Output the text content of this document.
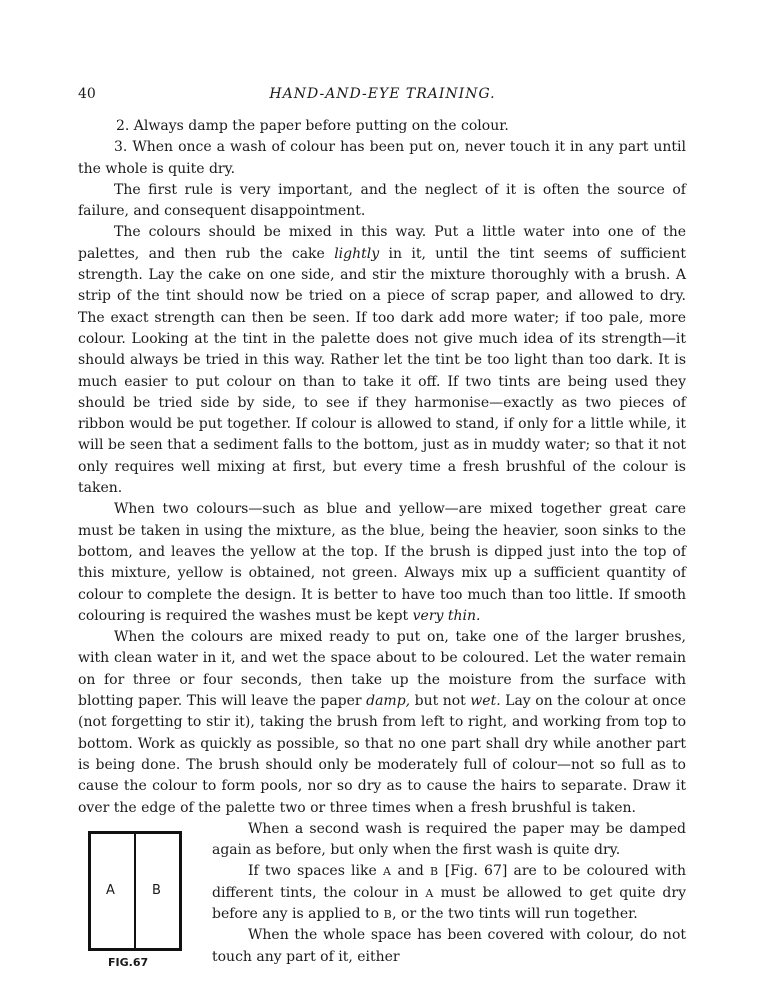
40	HAND-AND-EYE TRAINING.

2. Always damp the paper before putting on the colour.

3. When once a wash of colour has been put on, never touch it in any part until the whole is quite dry.

The first rule is very important, and the neglect of it is often the source of failure, and consequent disappointment.

The colours should be mixed in this way. Put a little water into one of the palettes, and then rub the cake lightly in it, until the tint seems of sufficient strength. Lay the cake on one side, and stir the mixture thoroughly with a brush. A strip of the tint should now be tried on a piece of scrap paper, and allowed to dry. The exact strength can then be seen. If too dark add more water; if too pale, more colour. Looking at the tint in the palette does not give much idea of its strength—it should always be tried in this way. Rather let the tint be too light than too dark. It is much easier to put colour on than to take it off. If two tints are being used they should be tried side by side, to see if they harmonise—exactly as two pieces of ribbon would be put together. If colour is allowed to stand, if only for a little while, it will be seen that a sediment falls to the bottom, just as in muddy water; so that it not only requires well mixing at first, but every time a fresh brushful of the colour is taken.

When two colours—such as blue and yellow—are mixed together great care must be taken in using the mixture, as the blue, being the heavier, soon sinks to the bottom, and leaves the yellow at the top. If the brush is dipped just into the top of this mixture, yellow is obtained, not green. Always mix up a sufficient quantity of colour to complete the design. It is better to have too much than too little. If smooth colouring is required the washes must be kept very thin.

When the colours are mixed ready to put on, take one of the larger brushes, with clean water in it, and wet the space about to be coloured. Let the water remain on for three or four seconds, then take up the moisture from the surface with blotting paper. This will leave the paper damp, but not wet. Lay on the colour at once (not forgetting to stir it), taking the brush from left to right, and working from top to bottom. Work as quickly as possible, so that no one part shall dry while another part is being done. The brush should only be moderately full of colour—not so full as to cause the colour to form pools, nor so dry as to cause the hairs to separate. Draw it over the edge of the palette two or three times when a fresh brushful is taken.

A	B
FIG.67

When a second wash is required the paper may be damped again as before, but only when the first wash is quite dry.

If two spaces like A and B [Fig. 67] are to be coloured with different tints, the colour in A must be allowed to get quite dry before any is applied to B, or the two tints will run together.

When the whole space has been covered with colour, do not touch any part of it, either
